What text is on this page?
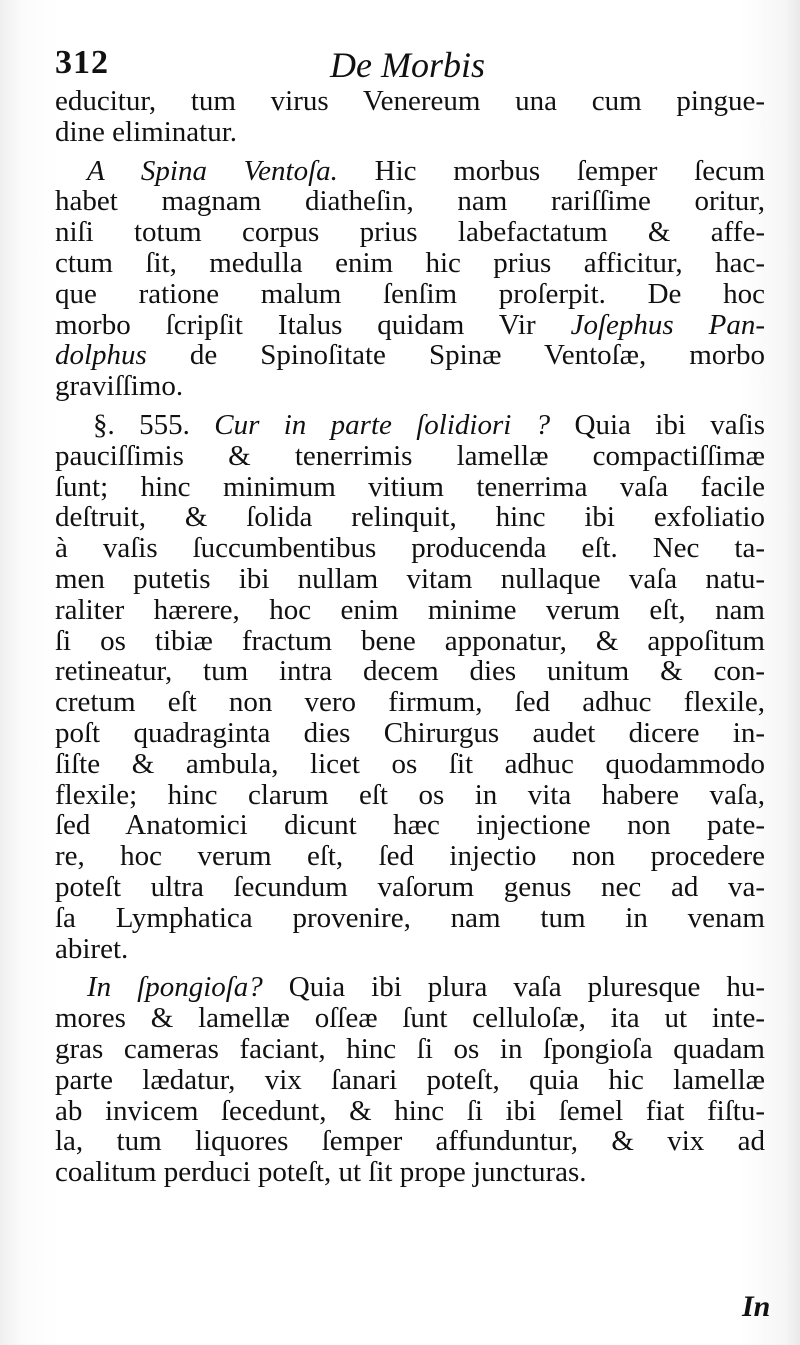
312	De Morbis
educitur, tum virus Venereum una cum pingue-
dine eliminatur.
A Spina Ventoſa. Hic morbus ſemper ſecum
habet magnam diatheſin, nam rariſſime oritur,
niſi totum corpus prius labefactatum & affe-
ctum ſit, medulla enim hic prius afficitur, hac-
que ratione malum ſenſim proſerpit. De hoc
morbo ſcripſit Italus quidam Vir Joſephus Pan-
dolphus de Spinoſitate Spinæ Ventoſæ, morbo
graviſſimo.
§. 555. Cur in parte ſolidiori ? Quia ibi vaſis
pauciſſimis & tenerrimis lamellæ compactiſſimæ
ſunt; hinc minimum vitium tenerrima vaſa facile
deſtruit, & ſolida relinquit, hinc ibi exfoliatio
à vaſis ſuccumbentibus producenda eſt. Nec ta-
men putetis ibi nullam vitam nullaque vaſa natu-
raliter hærere, hoc enim minime verum eſt, nam
ſi os tibiæ fractum bene apponatur, & appoſitum
retineatur, tum intra decem dies unitum & con-
cretum eſt non vero firmum, ſed adhuc flexile,
poſt quadraginta dies Chirurgus audet dicere in-
ſiſte & ambula, licet os ſit adhuc quodammodo
flexile; hinc clarum eſt os in vita habere vaſa,
ſed Anatomici dicunt hæc injectione non pate-
re, hoc verum eſt, ſed injectio non procedere
poteſt ultra ſecundum vaſorum genus nec ad va-
ſa Lymphatica provenire, nam tum in venam
abiret.
In ſpongioſa? Quia ibi plura vaſa pluresque hu-
mores & lamellæ oſſeæ ſunt celluloſæ, ita ut inte-
gras cameras faciant, hinc ſi os in ſpongioſa quadam
parte lædatur, vix ſanari poteſt, quia hic lamellæ
ab invicem ſecedunt, & hinc ſi ibi ſemel fiat fiſtu-
la, tum liquores ſemper affunduntur, & vix ad
coalitum perduci poteſt, ut ſit prope juncturas.
In
